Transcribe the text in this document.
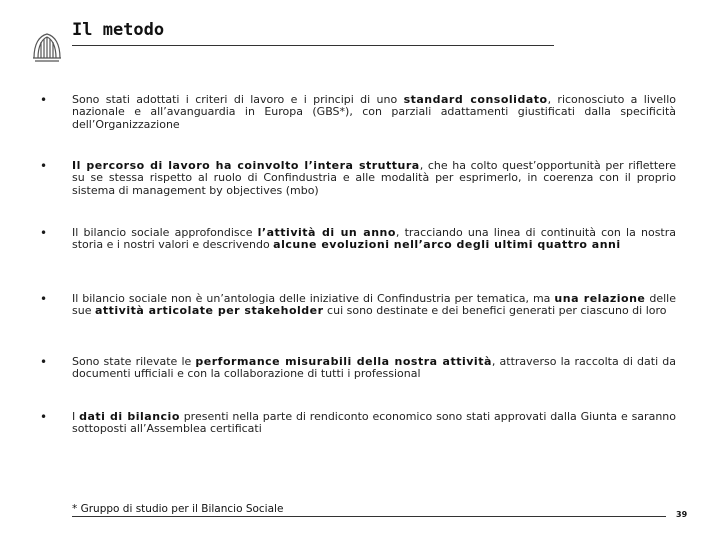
Il metodo
•	Sono stati adottati i criteri di lavoro e i principi di uno standard consolidato, riconosciuto a livello nazionale e all’avanguardia in Europa (GBS*), con parziali adattamenti giustificati dalla specificità dell’Organizzazione
•	Il percorso di lavoro ha coinvolto l’intera struttura, che ha colto quest’opportunità per riflettere su se stessa rispetto al ruolo di Confindustria e alle modalità per esprimerlo, in coerenza con il proprio sistema di management by objectives (mbo)
•	Il bilancio sociale approfondisce l’attività di un anno, tracciando una linea di continuità con la nostra storia e i nostri valori e descrivendo alcune evoluzioni nell’arco degli ultimi quattro anni
•	Il bilancio sociale non è un’antologia delle iniziative di Confindustria per tematica, ma una relazione delle sue attività articolate per stakeholder cui sono destinate e dei benefici generati per ciascuno di loro
•	Sono state rilevate le performance misurabili della nostra attività, attraverso la raccolta di dati da documenti ufficiali e con la collaborazione di tutti i professional
•	I dati di bilancio presenti nella parte di rendiconto economico sono stati approvati dalla Giunta e saranno sottoposti all’Assemblea certificati
* Gruppo di studio per il Bilancio Sociale	39
